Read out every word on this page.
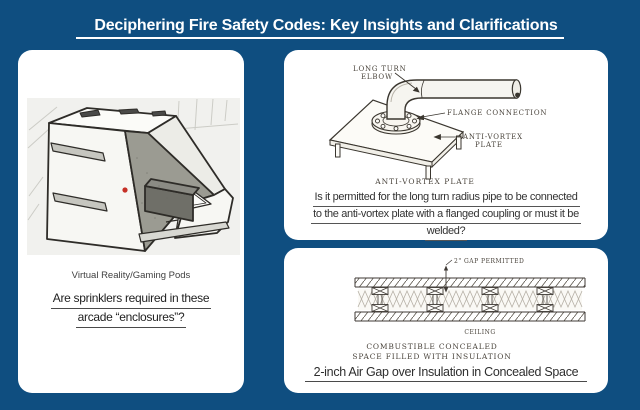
Deciphering Fire Safety Codes: Key Insights and Clarifications
Virtual Reality/Gaming Pods
Are sprinklers required in these
arcade “enclosures”?
LONG TURN
ELBOW
FLANGE CONNECTION
ANTI-VORTEX
PLATE
ANTI-VORTEX PLATE
Is it permitted for the long turn radius pipe to be connected
to the anti-vortex plate with a flanged coupling or must it be
welded?
2" GAP PERMITTED
CEILING
COMBUSTIBLE CONCEALED
SPACE FILLED WITH INSULATION
2-inch Air Gap over Insulation in Concealed Space
